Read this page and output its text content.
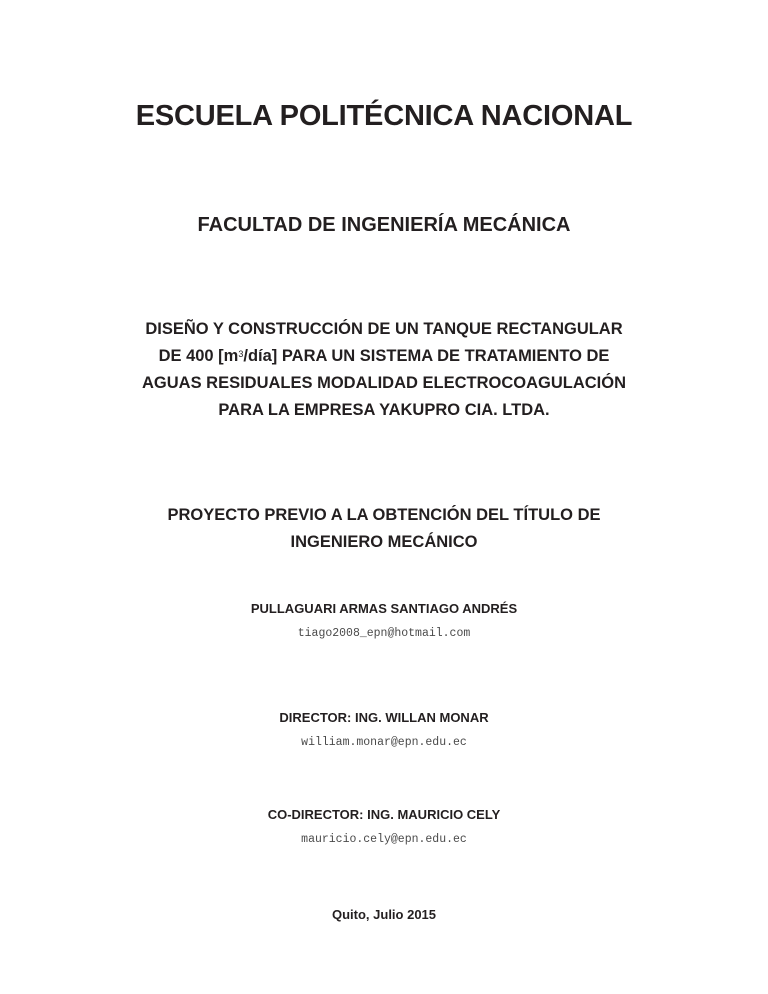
ESCUELA POLITÉCNICA NACIONAL
FACULTAD DE INGENIERÍA MECÁNICA
DISEÑO Y CONSTRUCCIÓN DE UN TANQUE RECTANGULAR DE 400 $[m^3/día]$ PARA UN SISTEMA DE TRATAMIENTO DE AGUAS RESIDUALES MODALIDAD ELECTROCOAGULACIÓN PARA LA EMPRESA YAKUPRO CIA. LTDA.
PROYECTO PREVIO A LA OBTENCIÓN DEL TÍTULO DE INGENIERO MECÁNICO
PULLAGUARI ARMAS SANTIAGO ANDRÉS
tiago2008_epn@hotmail.com
DIRECTOR: ING. WILLAN MONAR
william.monar@epn.edu.ec
CO-DIRECTOR: ING. MAURICIO CELY
mauricio.cely@epn.edu.ec
Quito, Julio 2015
